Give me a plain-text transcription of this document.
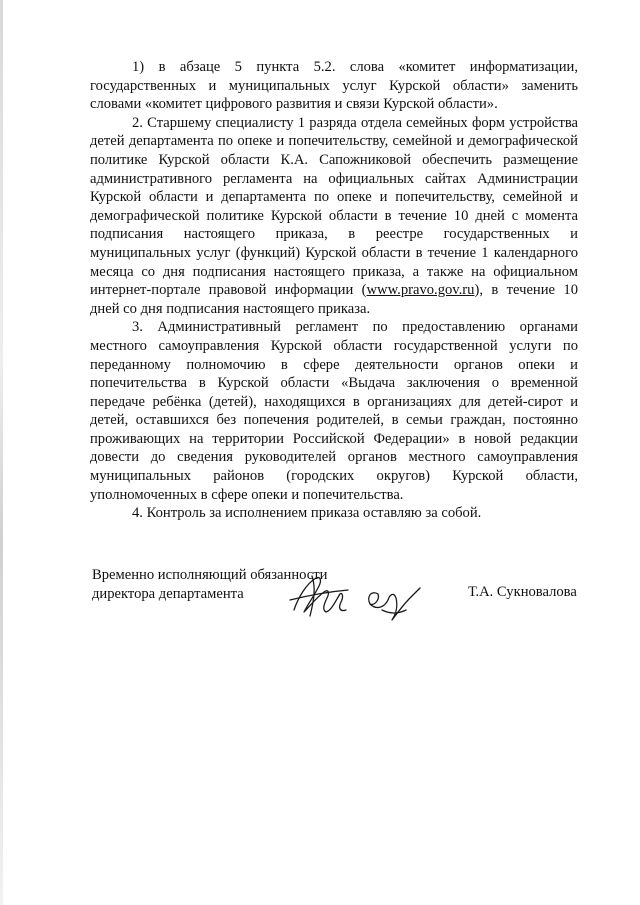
1) в абзаце 5 пункта 5.2. слова «комитет информатизации, государственных и муниципальных услуг Курской области» заменить словами «комитет цифрового развития и связи Курской области».

2. Старшему специалисту 1 разряда отдела семейных форм устройства детей департамента по опеке и попечительству, семейной и демографической политике Курской области К.А. Сапожниковой обеспечить размещение административного регламента на официальных сайтах Администрации Курской области и департамента по опеке и попечительству, семейной и демографической политике Курской области в течение 10 дней с момента подписания настоящего приказа, в реестре государственных и муниципальных услуг (функций) Курской области в течение 1 календарного месяца со дня подписания настоящего приказа, а также на официальном интернет-портале правовой информации (www.pravo.gov.ru), в течение 10 дней со дня подписания настоящего приказа.

3. Административный регламент по предоставлению органами местного самоуправления Курской области государственной услуги по переданному полномочию в сфере деятельности органов опеки и попечительства в Курской области «Выдача заключения о временной передаче ребёнка (детей), находящихся в организациях для детей-сирот и детей, оставшихся без попечения родителей, в семьи граждан, постоянно проживающих на территории Российской Федерации» в новой редакции довести до сведения руководителей органов местного самоуправления муниципальных районов (городских округов) Курской области, уполномоченных в сфере опеки и попечительства.

4. Контроль за исполнением приказа оставляю за собой.

Временно исполняющий обязанности
директора департамента	Т.А. Сукновалова
